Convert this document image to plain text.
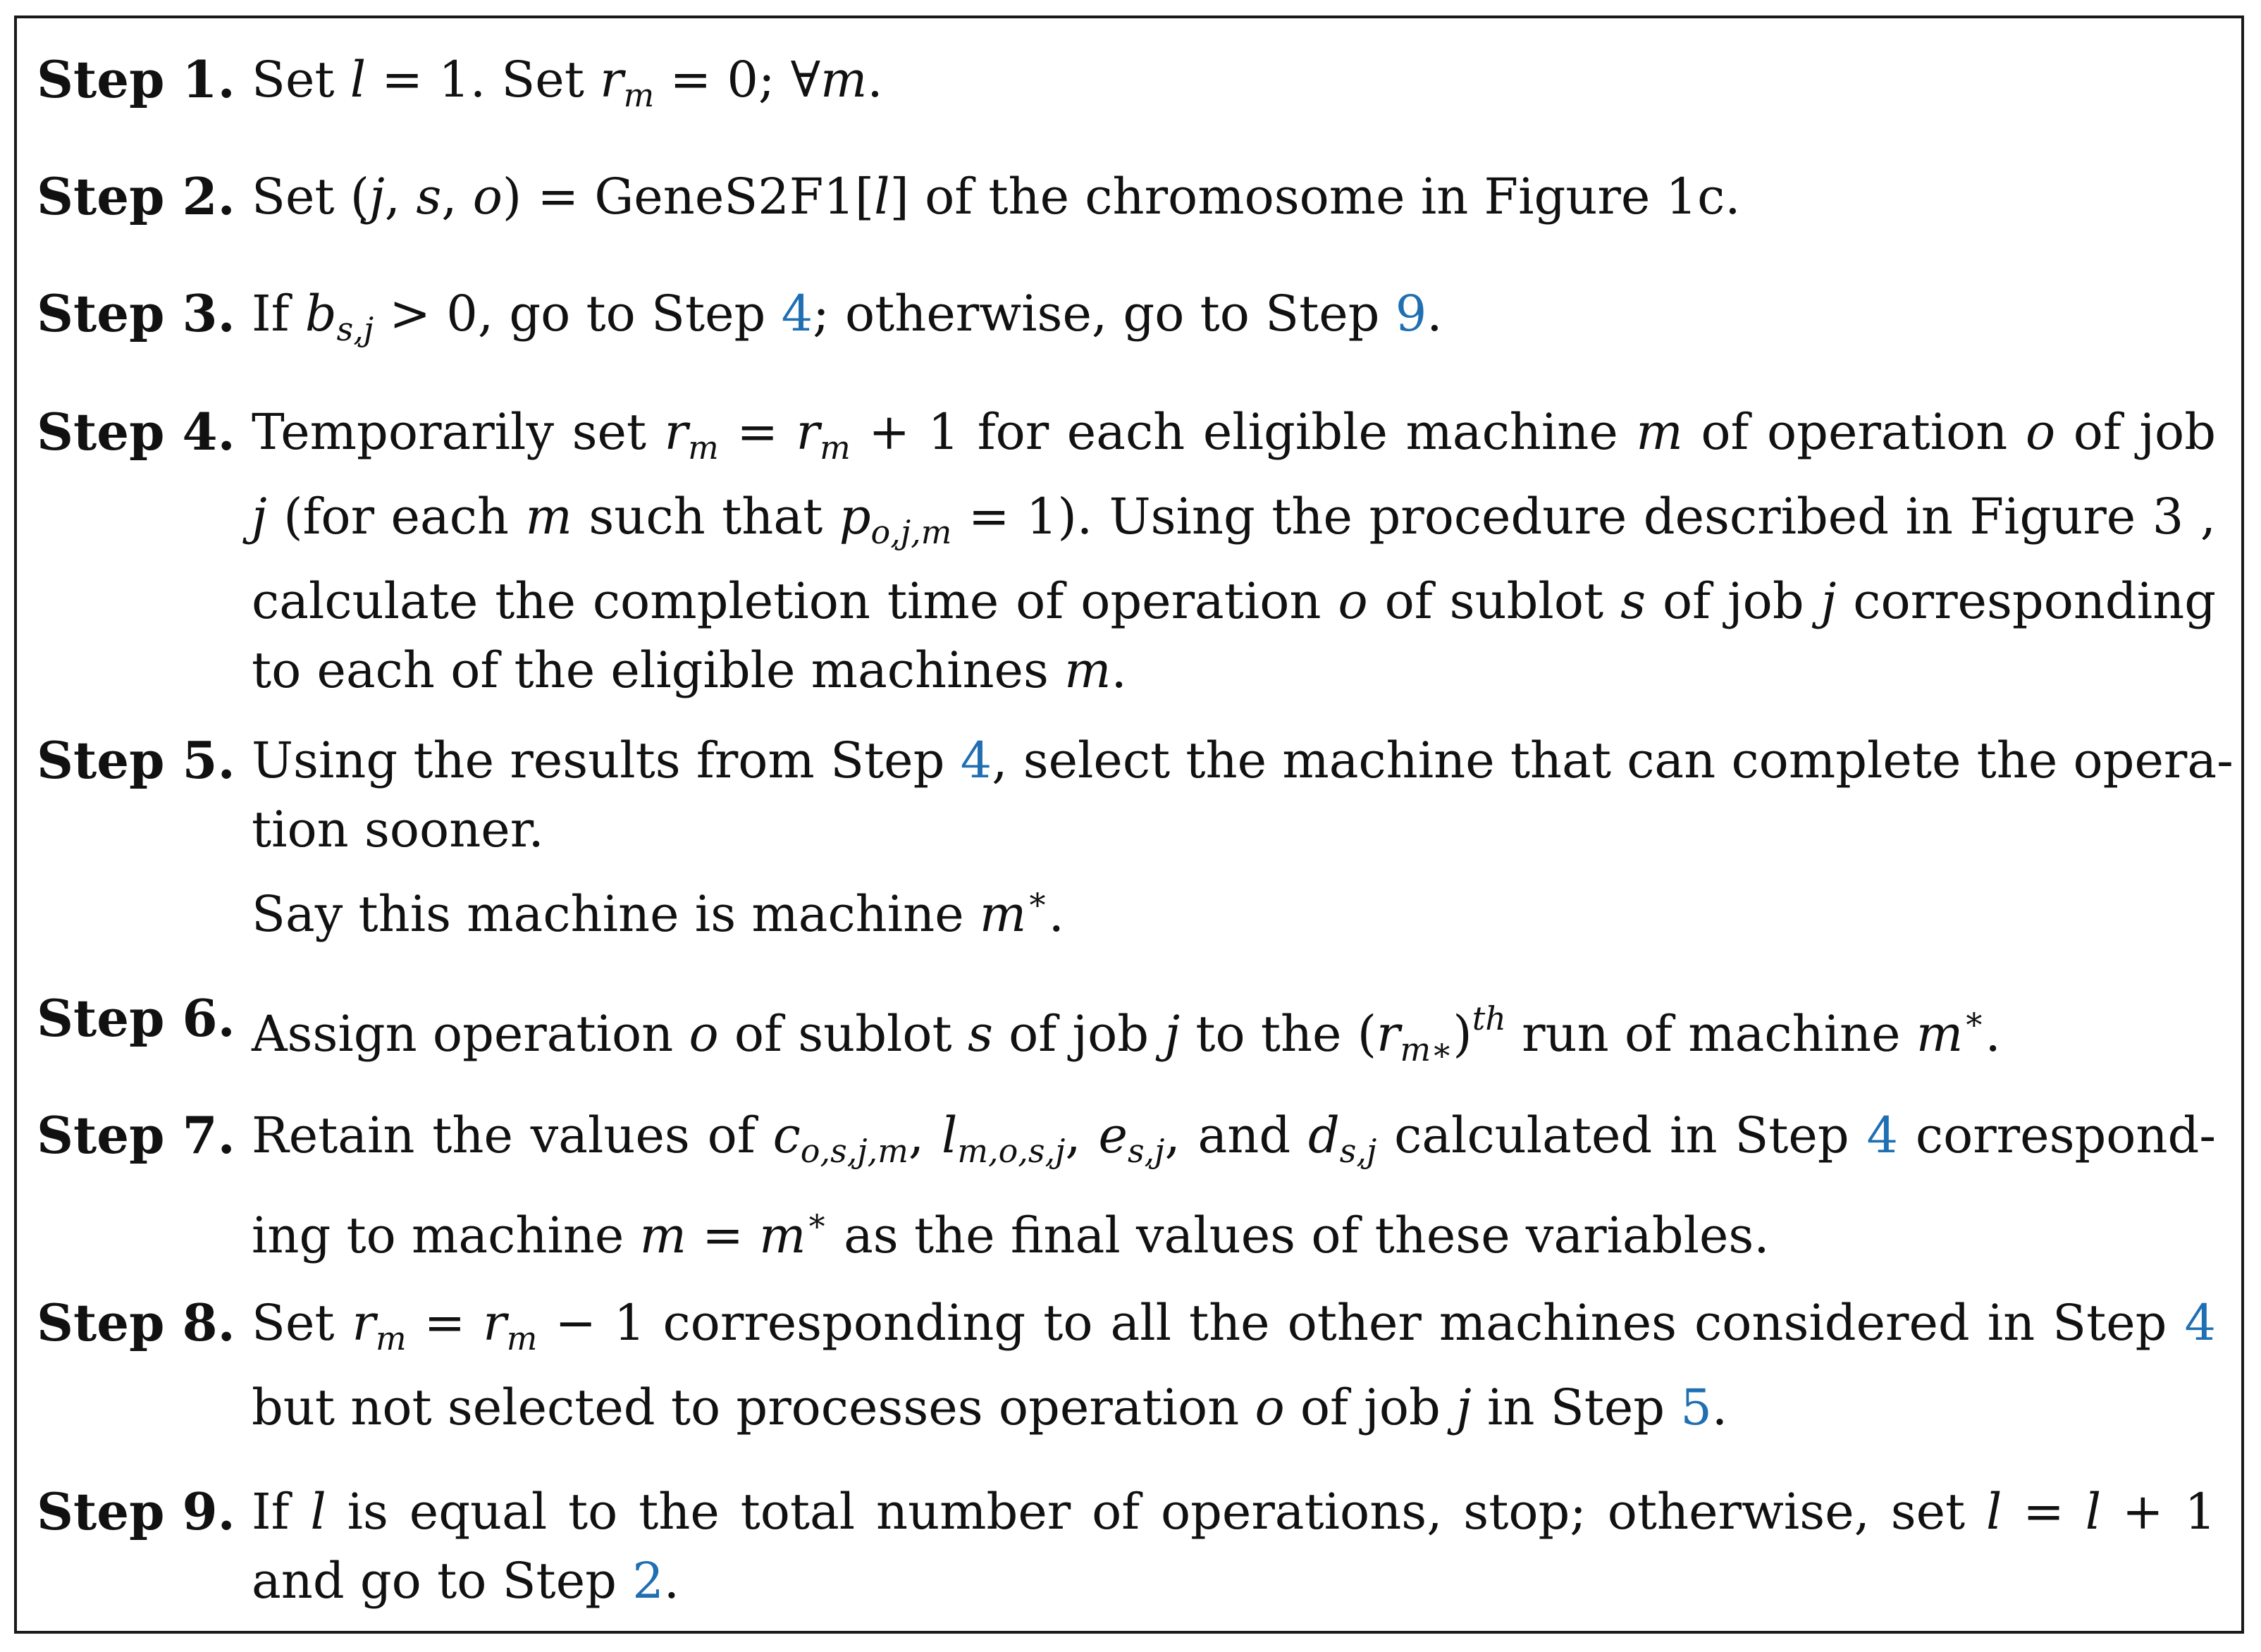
Step 1. Set l = 1. Set $r_m = 0$; ∀m.
Step 2. Set (j, s, o) = GeneS2F1[l] of the chromosome in Figure 1c.
Step 3. If $b_{s,j} > 0$, go to Step 4; otherwise, go to Step 9.
Step 4. Temporarily set $r_m = r_m + 1$ for each eligible machine m of operation o of job
j (for each m such that $p_{o,j,m} = 1$). Using the procedure described in Figure 3 ,
calculate the completion time of operation o of sublot s of job j corresponding
to each of the eligible machines m.
Step 5. Using the results from Step 4, select the machine that can complete the opera-
tion sooner.
Say this machine is machine m∗.
Step 6. Assign operation o of sublot s of job j to the $(r_{m∗})^{th}$ run of machine m∗.
Step 7. Retain the values of $c_{o,s,j,m}$, $l_{m,o,s,j}$, $e_{s,j}$, and $d_{s,j}$ calculated in Step 4 correspond-
ing to machine m = m∗ as the final values of these variables.
Step 8. Set $r_m = r_m - 1$ corresponding to all the other machines considered in Step 4
but not selected to processes operation o of job j in Step 5.
Step 9. If l is equal to the total number of operations, stop; otherwise, set l = l + 1
and go to Step 2.
